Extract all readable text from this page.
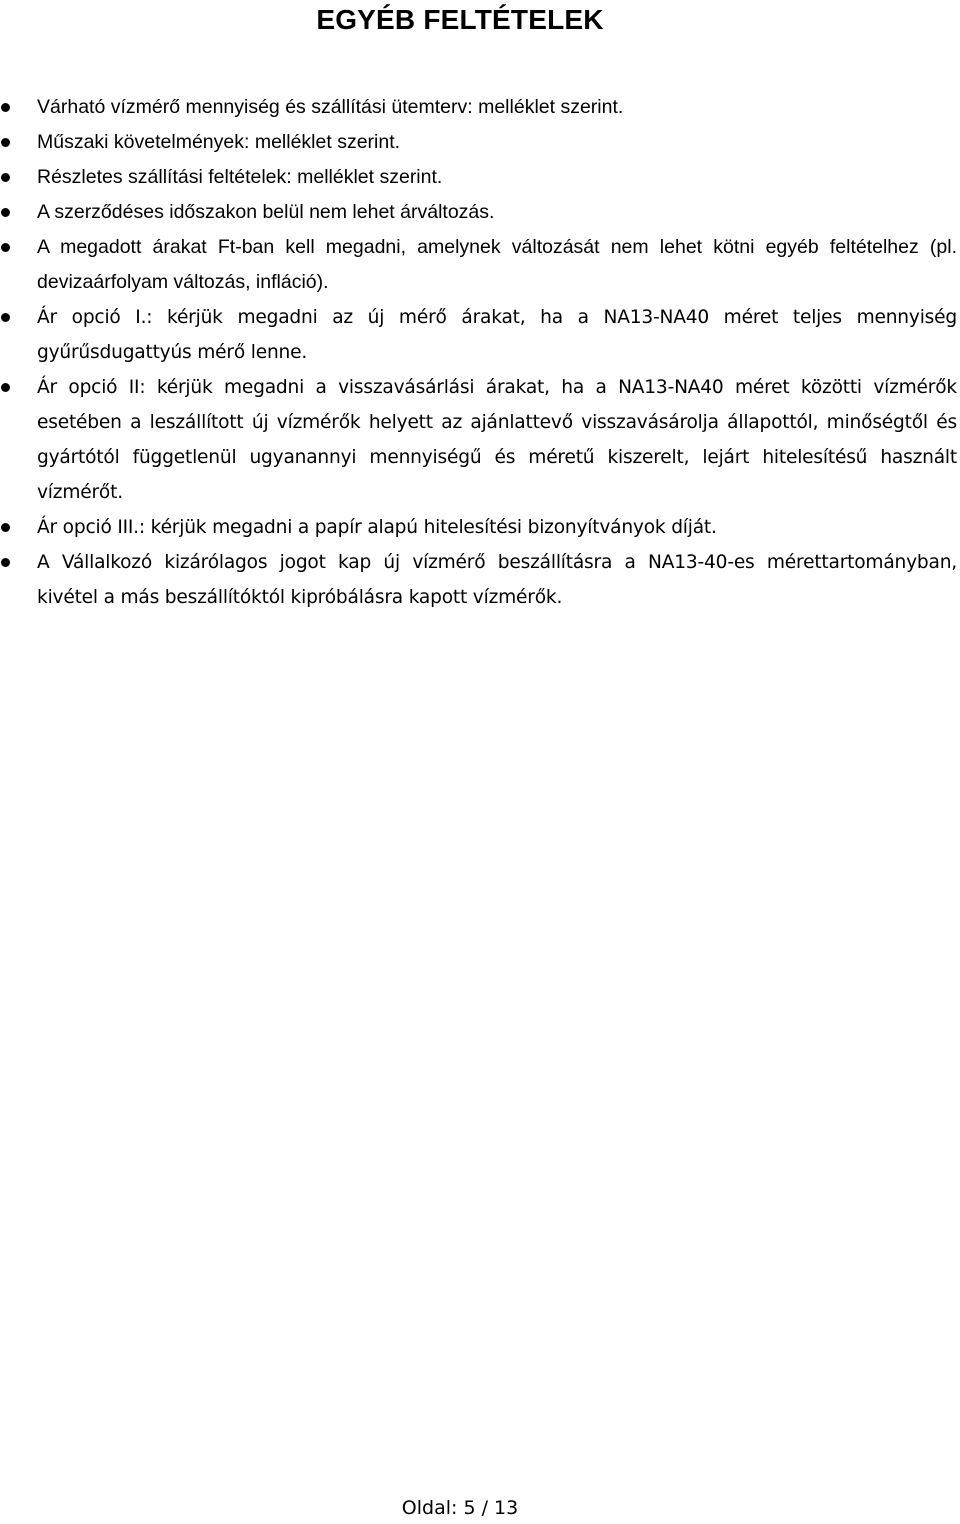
EGYÉB FELTÉTELEK
Várható vízmérő mennyiség és szállítási ütemterv: melléklet szerint.
Műszaki követelmények: melléklet szerint.
Részletes szállítási feltételek: melléklet szerint.
A szerződéses időszakon belül nem lehet árváltozás.
A megadott árakat Ft-ban kell megadni, amelynek változását nem lehet kötni egyéb feltételhez (pl. devizaárfolyam változás, infláció).
Ár opció I.: kérjük megadni az új mérő árakat, ha a NA13-NA40 méret teljes mennyiség gyűrűsdugattyús mérő lenne.
Ár opció II: kérjük megadni a visszavásárlási árakat, ha a NA13-NA40 méret közötti vízmérők esetében a leszállított új vízmérők helyett az ajánlattevő visszavásárolja állapottól, minőségtől és gyártótól függetlenül ugyanannyi mennyiségű és méretű kiszerelt, lejárt hitelesítésű használt vízmérőt.
Ár opció III.: kérjük megadni a papír alapú hitelesítési bizonyítványok díját.
A Vállalkozó kizárólagos jogot kap új vízmérő beszállításra a NA13-40-es mérettartományban, kivétel a más beszállítóktól kipróbálásra kapott vízmérők.
Oldal: 5 / 13
